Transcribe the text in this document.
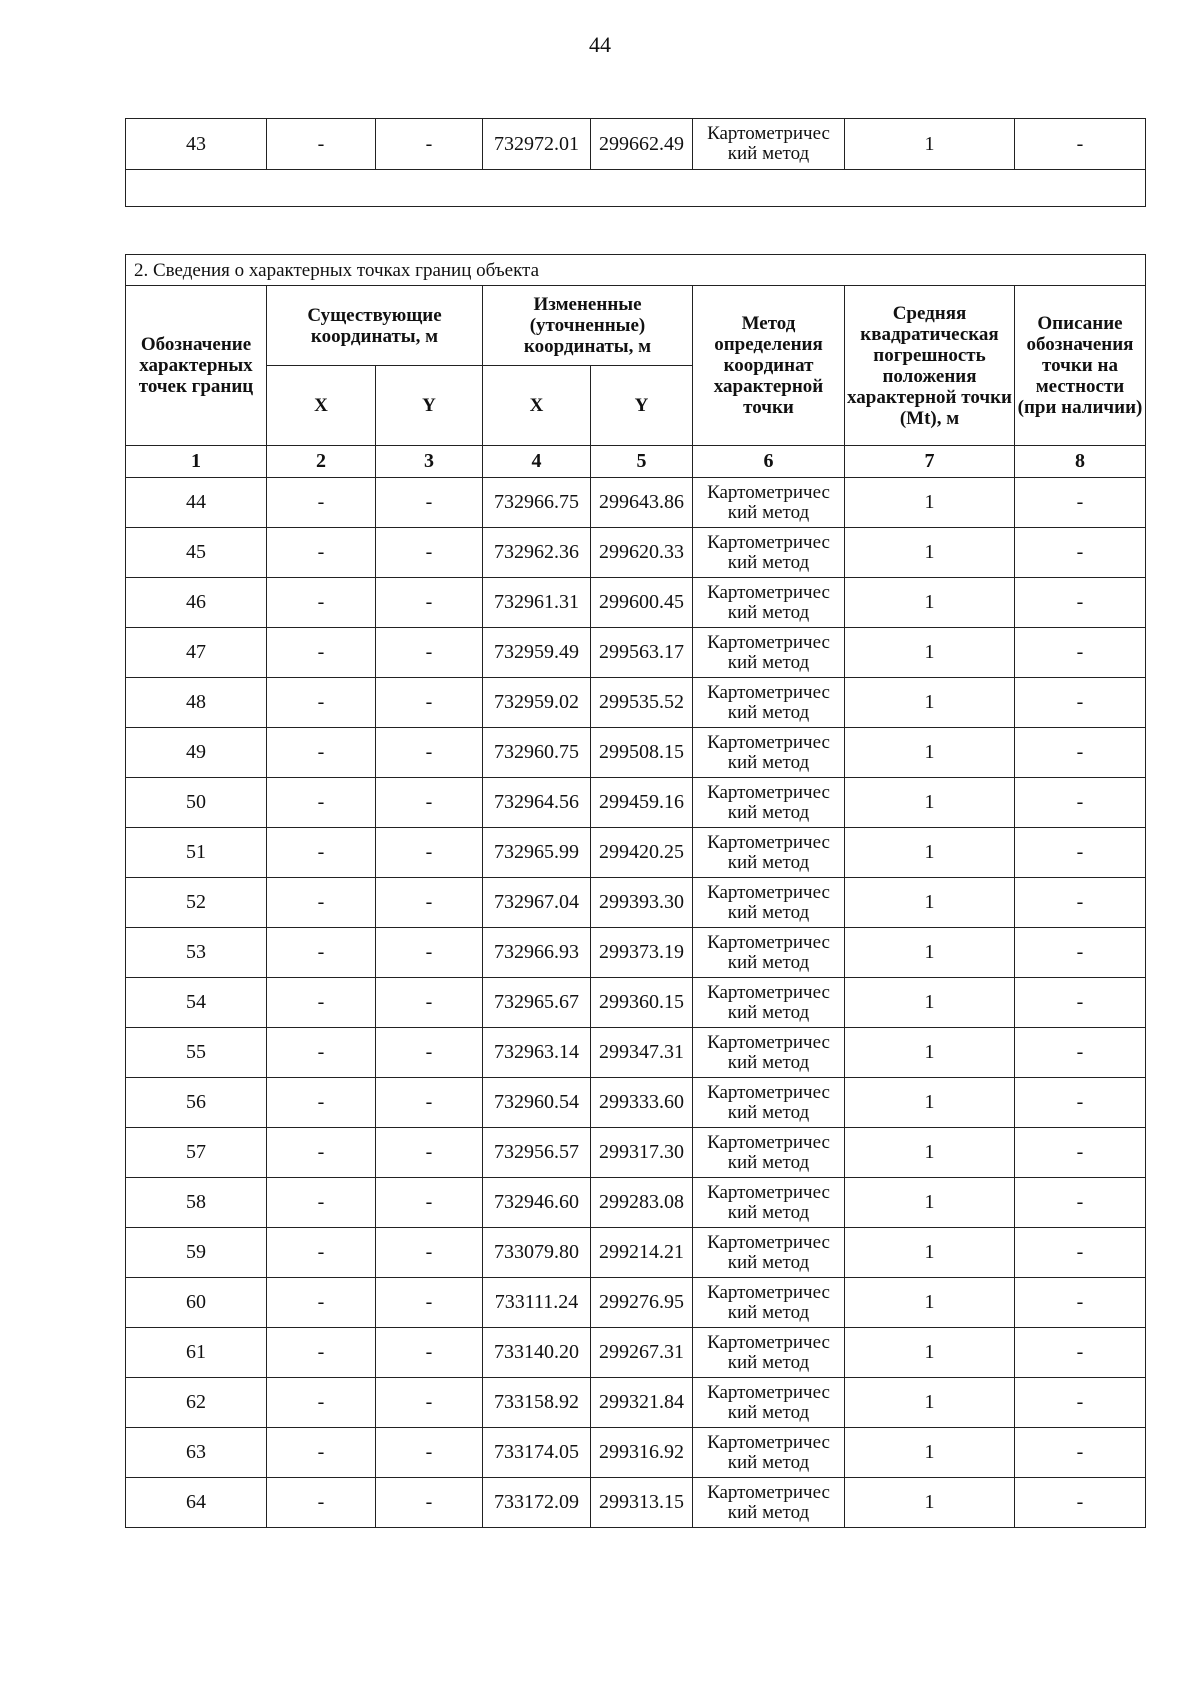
44
43	-	-	732972.01	299662.49	Картометричес
кий метод	1	-

2. Сведения о характерных точках границ объекта							
Обозначение характерных точек границ	Существующие координаты, м		Измененные (уточненные) координаты, м		Метод определения координат характерной точки	Средняя квадратическая погрешность положения характерной точки (Mt), м	Описание обозначения точки на местности (при наличии)
	X	Y	X	Y			
1	2	3	4	5	6	7	8
44	-	-	732966.75	299643.86	Картометричес
кий метод	1	-
45	-	-	732962.36	299620.33	Картометричес
кий метод	1	-
46	-	-	732961.31	299600.45	Картометричес
кий метод	1	-
47	-	-	732959.49	299563.17	Картометричес
кий метод	1	-
48	-	-	732959.02	299535.52	Картометричес
кий метод	1	-
49	-	-	732960.75	299508.15	Картометричес
кий метод	1	-
50	-	-	732964.56	299459.16	Картометричес
кий метод	1	-
51	-	-	732965.99	299420.25	Картометричес
кий метод	1	-
52	-	-	732967.04	299393.30	Картометричес
кий метод	1	-
53	-	-	732966.93	299373.19	Картометричес
кий метод	1	-
54	-	-	732965.67	299360.15	Картометричес
кий метод	1	-
55	-	-	732963.14	299347.31	Картометричес
кий метод	1	-
56	-	-	732960.54	299333.60	Картометричес
кий метод	1	-
57	-	-	732956.57	299317.30	Картометричес
кий метод	1	-
58	-	-	732946.60	299283.08	Картометричес
кий метод	1	-
59	-	-	733079.80	299214.21	Картометричес
кий метод	1	-
60	-	-	733111.24	299276.95	Картометричес
кий метод	1	-
61	-	-	733140.20	299267.31	Картометричес
кий метод	1	-
62	-	-	733158.92	299321.84	Картометричес
кий метод	1	-
63	-	-	733174.05	299316.92	Картометричес
кий метод	1	-
64	-	-	733172.09	299313.15	Картометричес
кий метод	1	-
